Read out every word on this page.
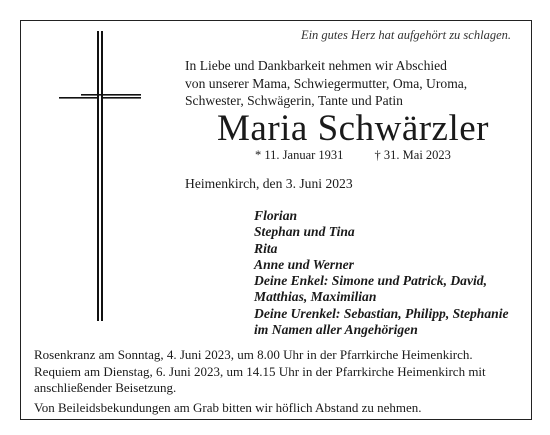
Ein gutes Herz hat aufgehört zu schlagen.
In Liebe und Dankbarkeit nehmen wir Abschied
von unserer Mama, Schwiegermutter, Oma, Uroma,
Schwester, Schwägerin, Tante und Patin
Maria Schwärzler
* 11. Januar 1931 † 31. Mai 2023
Heimenkirch, den 3. Juni 2023
Florian
Stephan und Tina
Rita
Anne und Werner
Deine Enkel: Simone und Patrick, David,
Matthias, Maximilian
Deine Urenkel: Sebastian, Philipp, Stephanie
im Namen aller Angehörigen
Rosenkranz am Sonntag, 4. Juni 2023, um 8.00 Uhr in der Pfarrkirche Heimenkirch.
Requiem am Dienstag, 6. Juni 2023, um 14.15 Uhr in der Pfarrkirche Heimenkirch mit
anschließender Beisetzung.
Von Beileidsbekundungen am Grab bitten wir höflich Abstand zu nehmen.
